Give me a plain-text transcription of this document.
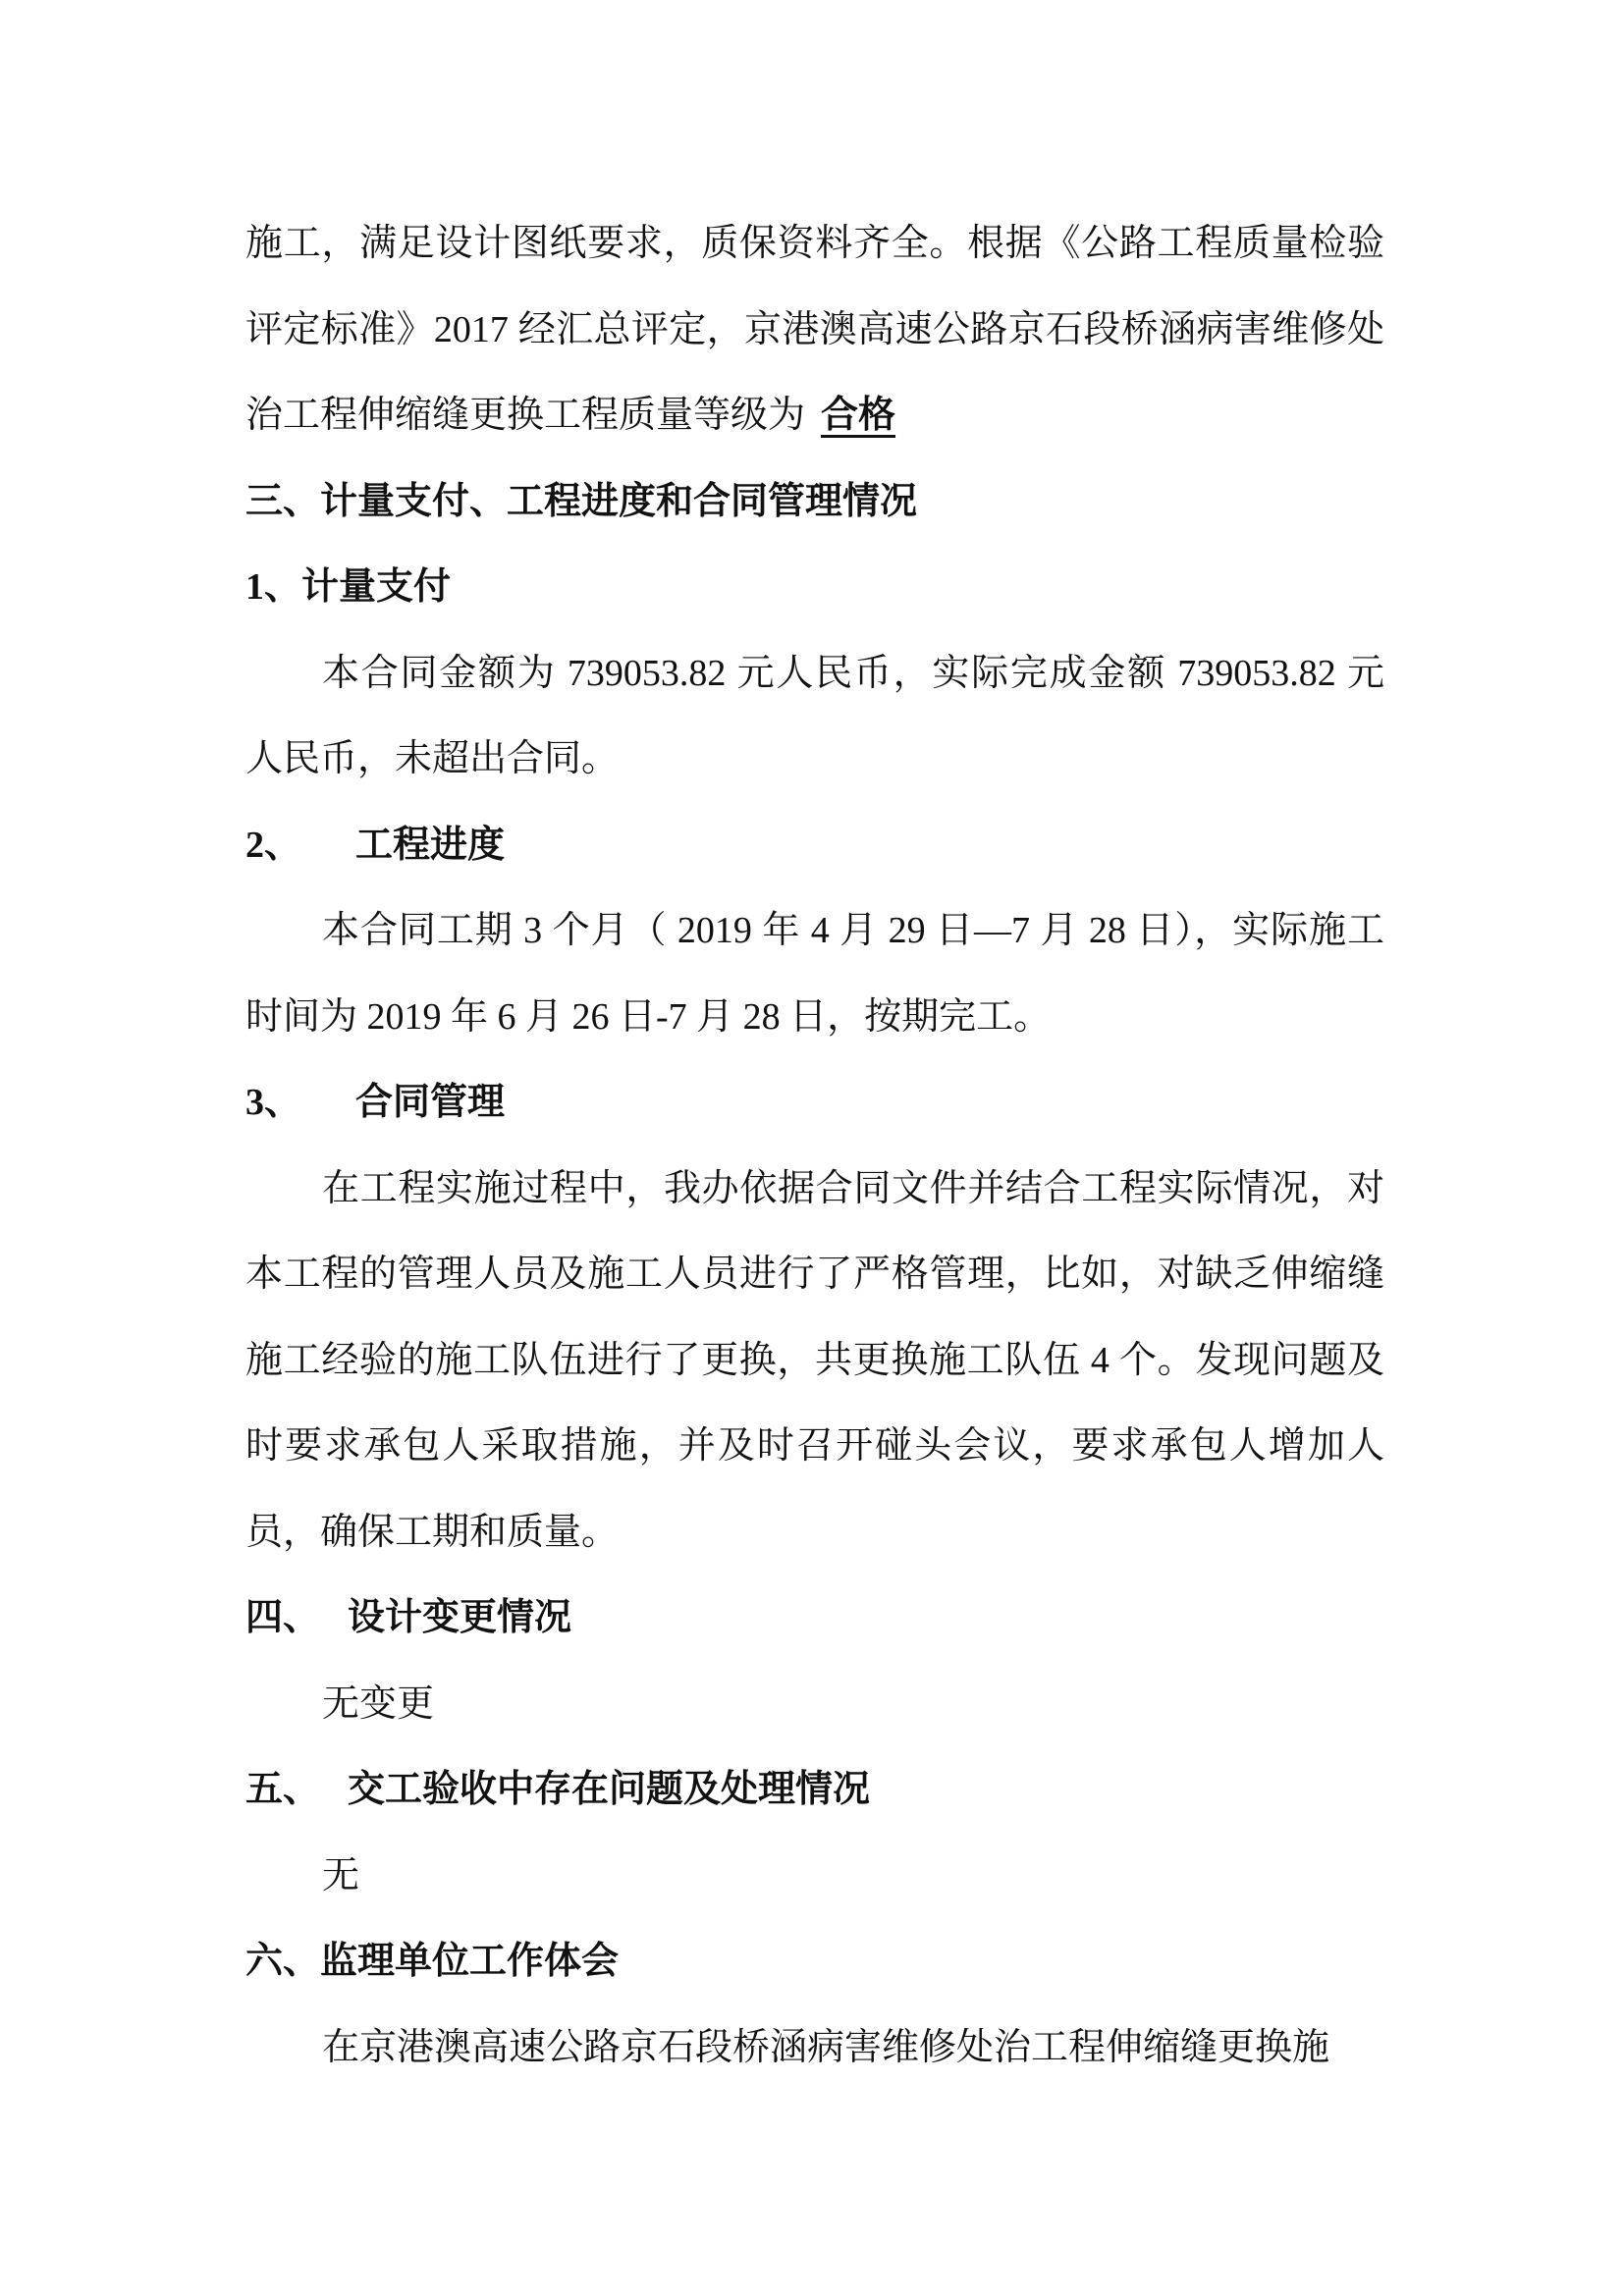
施工，满足设计图纸要求，质保资料齐全。根据《公路工程质量检验评定标准》2017 经汇总评定，京港澳高速公路京石段桥涵病害维修处治工程伸缩缝更换工程质量等级为 合格

三、计量支付、工程进度和合同管理情况

1、计量支付

本合同金额为 739053.82 元人民币，实际完成金额 739053.82 元人民币，未超出合同。

2、 工程进度

本合同工期 3 个月（ 2019 年 4 月 29 日—7 月 28 日），实际施工时间为 2019 年 6 月 26 日-7 月 28 日，按期完工。

3、 合同管理

在工程实施过程中，我办依据合同文件并结合工程实际情况，对本工程的管理人员及施工人员进行了严格管理，比如，对缺乏伸缩缝施工经验的施工队伍进行了更换，共更换施工队伍 4 个。发现问题及时要求承包人采取措施，并及时召开碰头会议，要求承包人增加人员，确保工期和质量。

四、 设计变更情况

无变更

五、 交工验收中存在问题及处理情况

无

六、监理单位工作体会

在京港澳高速公路京石段桥涵病害维修处治工程伸缩缝更换施
